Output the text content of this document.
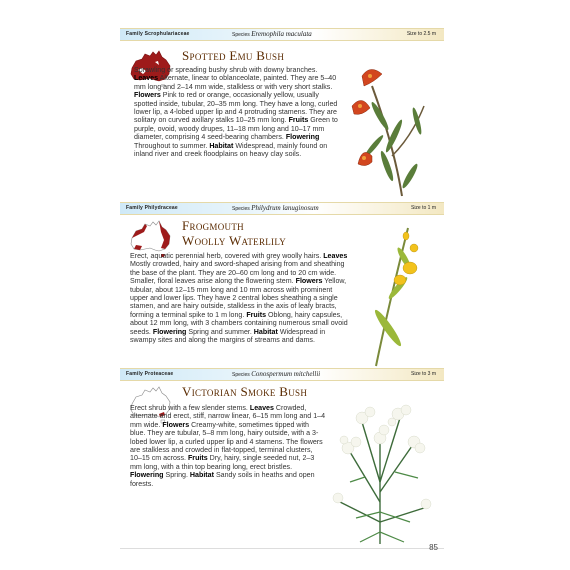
Family Scrophulariaceae	Species Eremophila maculata	Size to 2.5 m
Spotted Emu Bush
Sprawling or spreading bushy shrub with downy branches. Leaves Alternate, linear to oblanceolate, painted. They are 5–40 mm long and 2–14 mm wide, stalkless or with very short stalks. Flowers Pink to red or orange, occasionally yellow, usually spotted inside, tubular, 20–35 mm long. They have a long, curled lower lip, a 4-lobed upper lip and 4 protruding stamens. They are solitary on curved axillary stalks 10–25 mm long. Fruits Green to purple, ovoid, woody drupes, 11–18 mm long and 10–17 mm diameter, comprising 4 seed-bearing chambers. Flowering Throughout to summer. Habitat Widespread, mainly found on inland river and creek floodplains on heavy clay soils.
Family Philydraceae	Species Philydrum lanuginosum	Size to 1 m
Frogmouth
Woolly Waterlily
Erect, aquatic perennial herb, covered with grey woolly hairs. Leaves Mostly crowded, hairy and sword-shaped arising from and sheathing the base of the plant. They are 20–60 cm long and to 20 cm wide. Smaller, floral leaves arise along the flowering stem. Flowers Yellow, tubular, about 12–15 mm long and 10 mm across with prominent upper and lower lips. They have 2 central lobes sheathing a single stamen, and are hairy outside, stalkless in the axis of leafy bracts, forming a terminal spike to 1 m long. Fruits Oblong, hairy capsules, about 12 mm long, with 3 chambers containing numerous small ovoid seeds. Flowering Spring and summer. Habitat Widespread in swampy sites and along the margins of streams and dams.
Family Proteaceae	Species Conospermum mitchellii	Size to 3 m
Victorian Smoke Bush
Erect shrub with a few slender stems. Leaves Crowded, alternate and erect, stiff, narrow linear, 6–15 mm long and 1–4 mm wide. Flowers Creamy-white, sometimes tipped with blue. They are tubular, 5–8 mm long, hairy outside, with a 3-lobed lower lip, a curled upper lip and 4 stamens. The flowers are stalkless and crowded in flat-topped, terminal clusters, 10–15 cm across. Fruits Dry, hairy, single seeded nut, 2–3 mm long, with a thin top bearing long, erect bristles. Flowering Spring. Habitat Sandy soils in heaths and open forests.
85
